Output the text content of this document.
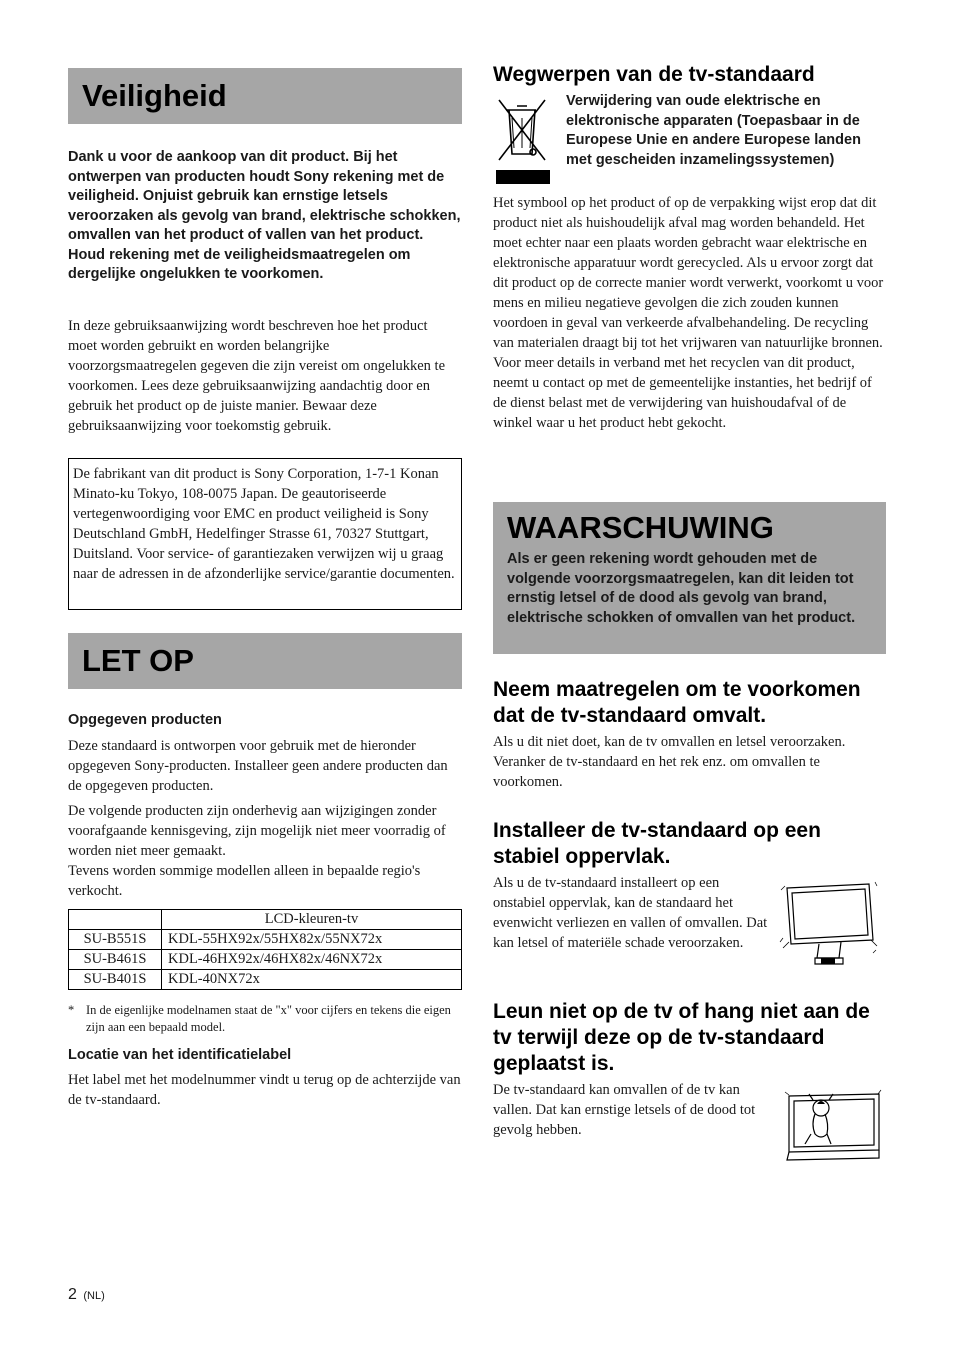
Veiligheid

Dank u voor de aankoop van dit product. Bij het ontwerpen van producten houdt Sony rekening met de veiligheid. Onjuist gebruik kan ernstige letsels veroorzaken als gevolg van brand, elektrische schokken, omvallen van het product of vallen van het product. Houd rekening met de veiligheidsmaatregelen om dergelijke ongelukken te voorkomen.

In deze gebruiksaanwijzing wordt beschreven hoe het product moet worden gebruikt en worden belangrijke voorzorgsmaatregelen gegeven die zijn vereist om ongelukken te voorkomen. Lees deze gebruiksaanwijzing aandachtig door en gebruik het product op de juiste manier. Bewaar deze gebruiksaanwijzing voor toekomstig gebruik.

De fabrikant van dit product is Sony Corporation, 1-7-1 Konan Minato-ku Tokyo, 108-0075 Japan. De geautoriseerde vertegenwoordiging voor EMC en product veiligheid is Sony Deutschland GmbH, Hedelfinger Strasse 61, 70327 Stuttgart, Duitsland. Voor service- of garantiezaken verwijzen wij u graag naar de adressen in de afzonderlijke service/garantie documenten.

LET OP

Opgegeven producten

Deze standaard is ontworpen voor gebruik met de hieronder opgegeven Sony-producten. Installeer geen andere producten dan de opgegeven producten.

De volgende producten zijn onderhevig aan wijzigingen zonder voorafgaande kennisgeving, zijn mogelijk niet meer voorradig of worden niet meer gemaakt.

Tevens worden sommige modellen alleen in bepaalde regio's verkocht.

	LCD-kleuren-tv
SU-B551S	KDL-55HX92x/55HX82x/55NX72x
SU-B461S	KDL-46HX92x/46HX82x/46NX72x
SU-B401S	KDL-40NX72x
* In de eigenlijke modelnamen staat de "x" voor cijfers en tekens die eigen zijn aan een bepaald model.

Locatie van het identificatielabel

Het label met het modelnummer vindt u terug op de achterzijde van de tv-standaard.

2 (NL)

Wegwerpen van de tv-standaard

Verwijdering van oude elektrische en elektronische apparaten (Toepasbaar in de Europese Unie en andere Europese landen met gescheiden inzamelingssystemen)

Het symbool op het product of op de verpakking wijst erop dat dit product niet als huishoudelijk afval mag worden behandeld. Het moet echter naar een plaats worden gebracht waar elektrische en elektronische apparatuur wordt gerecycled. Als u ervoor zorgt dat dit product op de correcte manier wordt verwerkt, voorkomt u voor mens en milieu negatieve gevolgen die zich zouden kunnen voordoen in geval van verkeerde afvalbehandeling. De recycling van materialen draagt bij tot het vrijwaren van natuurlijke bronnen. Voor meer details in verband met het recyclen van dit product, neemt u contact op met de gemeentelijke instanties, het bedrijf of de dienst belast met de verwijdering van huishoudafval of de winkel waar u het product hebt gekocht.

WAARSCHUWING

Als er geen rekening wordt gehouden met de volgende voorzorgsmaatregelen, kan dit leiden tot ernstig letsel of de dood als gevolg van brand, elektrische schokken of omvallen van het product.

Neem maatregelen om te voorkomen dat de tv-standaard omvalt.

Als u dit niet doet, kan de tv omvallen en letsel veroorzaken. Veranker de tv-standaard en het rek enz. om omvallen te voorkomen.

Installeer de tv-standaard op een stabiel oppervlak.

Als u de tv-standaard installeert op een onstabiel oppervlak, kan de standaard het evenwicht verliezen en vallen of omvallen. Dat kan letsel of materiële schade veroorzaken.

Leun niet op de tv of hang niet aan de tv terwijl deze op de tv-standaard geplaatst is.

De tv-standaard kan omvallen of de tv kan vallen. Dat kan ernstige letsels of de dood tot gevolg hebben.
